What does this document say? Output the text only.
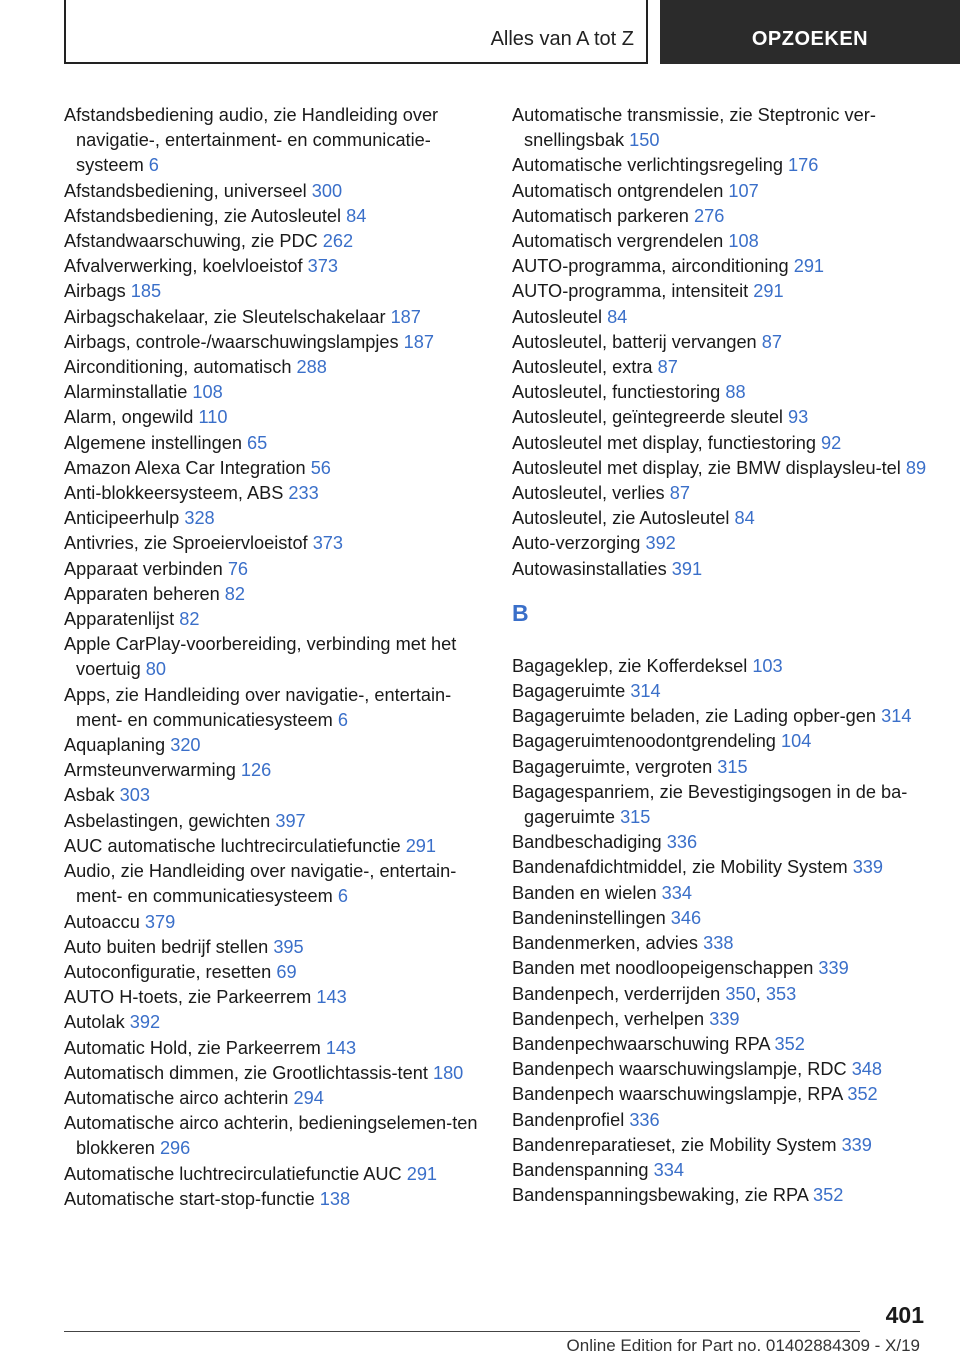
Alles van A tot Z	OPZOEKEN
Afstandsbediening audio, zie Handleiding over navigatie-, entertainment- en communicatie-systeem 6
Afstandsbediening, universeel 300
Afstandsbediening, zie Autosleutel 84
Afstandwaarschuwing, zie PDC 262
Afvalverwerking, koelvloeistof 373
Airbags 185
Airbagschakelaar, zie Sleutelschakelaar 187
Airbags, controle-/waarschuwingslampjes 187
Airconditioning, automatisch 288
Alarminstallatie 108
Alarm, ongewild 110
Algemene instellingen 65
Amazon Alexa Car Integration 56
Anti-blokkeersysteem, ABS 233
Anticipeerhulp 328
Antivries, zie Sproeiervloeistof 373
Apparaat verbinden 76
Apparaten beheren 82
Apparatenlijst 82
Apple CarPlay-voorbereiding, verbinding met het voertuig 80
Apps, zie Handleiding over navigatie-, entertain-ment- en communicatiesysteem 6
Aquaplaning 320
Armsteunverwarming 126
Asbak 303
Asbelastingen, gewichten 397
AUC automatische luchtrecirculatiefunctie 291
Audio, zie Handleiding over navigatie-, entertain-ment- en communicatiesysteem 6
Autoaccu 379
Auto buiten bedrijf stellen 395
Autoconfiguratie, resetten 69
AUTO H-toets, zie Parkeerrem 143
Autolak 392
Automatic Hold, zie Parkeerrem 143
Automatisch dimmen, zie Grootlichtassis-tent 180
Automatische airco achterin 294
Automatische airco achterin, bedieningselemen-ten blokkeren 296
Automatische luchtrecirculatiefunctie AUC 291
Automatische start-stop-functie 138
Automatische transmissie, zie Steptronic ver-snellingsbak 150
Automatische verlichtingsregeling 176
Automatisch ontgrendelen 107
Automatisch parkeren 276
Automatisch vergrendelen 108
AUTO-programma, airconditioning 291
AUTO-programma, intensiteit 291
Autosleutel 84
Autosleutel, batterij vervangen 87
Autosleutel, extra 87
Autosleutel, functiestoring 88
Autosleutel, geïntegreerde sleutel 93
Autosleutel met display, functiestoring 92
Autosleutel met display, zie BMW displaysleu-tel 89
Autosleutel, verlies 87
Autosleutel, zie Autosleutel 84
Auto-verzorging 392
Autowasinstallaties 391
B
Bagageklep, zie Kofferdeksel 103
Bagageruimte 314
Bagageruimte beladen, zie Lading opber-gen 314
Bagageruimtenoodontgrendeling 104
Bagageruimte, vergroten 315
Bagagespanriem, zie Bevestigingsogen in de ba-gageruimte 315
Bandbeschadiging 336
Bandenafdichtmiddel, zie Mobility System 339
Banden en wielen 334
Bandeninstellingen 346
Bandenmerken, advies 338
Banden met noodloopeigenschappen 339
Bandenpech, verderrijden 350, 353
Bandenpech, verhelpen 339
Bandenpechwaarschuwing RPA 352
Bandenpech waarschuwingslampje, RDC 348
Bandenpech waarschuwingslampje, RPA 352
Bandenprofiel 336
Bandenreparatieset, zie Mobility System 339
Bandenspanning 334
Bandenspanningsbewaking, zie RPA 352
401
Online Edition for Part no. 01402884309 - X/19
